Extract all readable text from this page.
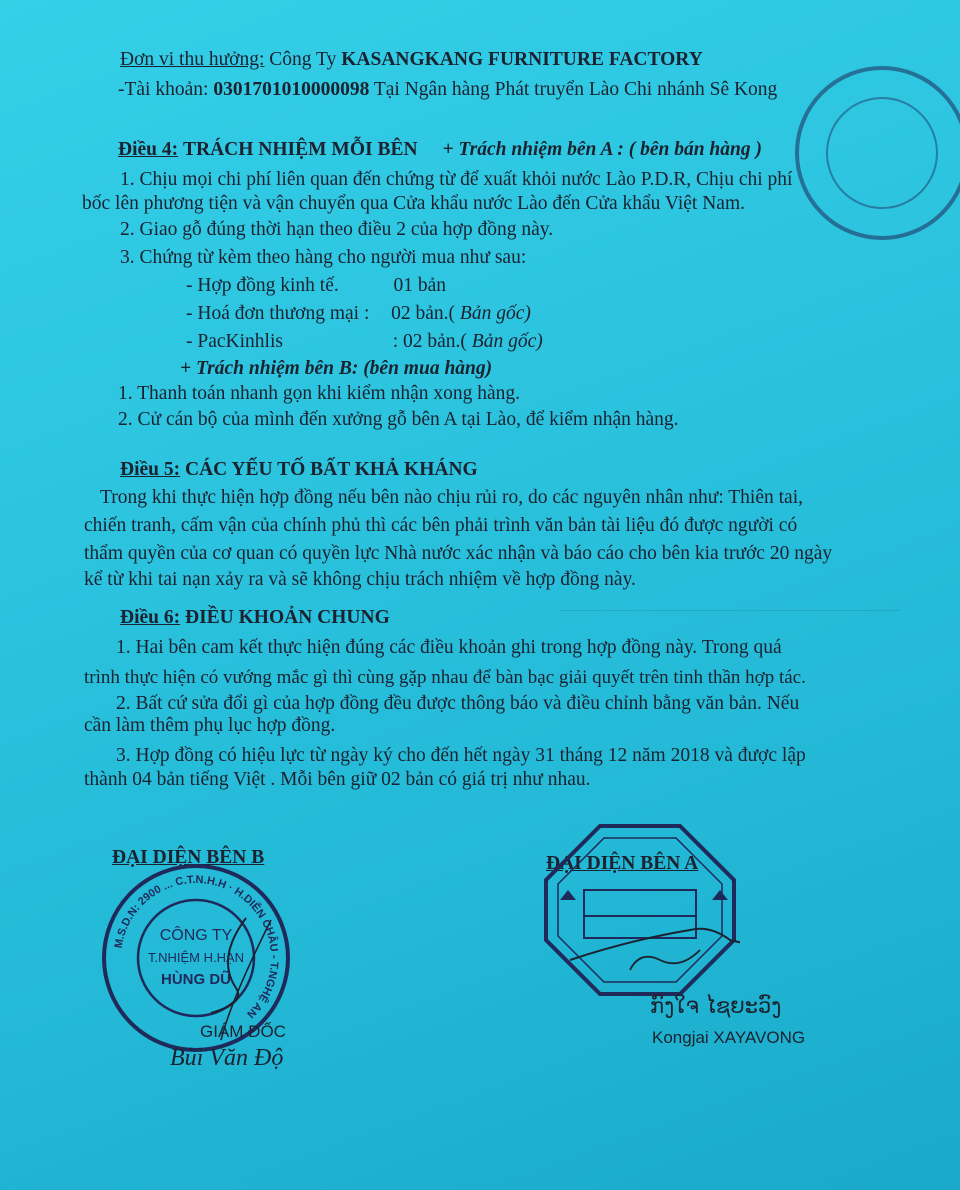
Đơn vi thu hưởng: Công Ty KASANGKANG FURNITURE FACTORY
-Tài khoản: 0301701010000098 Tại Ngân hàng Phát truyển Lào Chi nhánh Sê Kong
Điều 4: TRÁCH NHIỆM MỖI BÊN + Trách nhiệm bên A : ( bên bán hàng )
1. Chịu mọi chi phí liên quan đến chứng từ để xuất khỏi nước Lào P.D.R, Chịu chi phí
bốc lên phương tiện và vận chuyển qua Cửa khẩu nước Lào đến Cửa khẩu Việt Nam.
2. Giao gỗ đúng thời hạn theo điều 2 của hợp đồng này.
3. Chứng từ kèm theo hàng cho người mua như sau:
- Hợp đồng kinh tế.	01 bản
- Hoá đơn thương mại : 02 bản.( Bản gốc)
- PacKinhlis	: 02 bản.( Bản gốc)
+ Trách nhiệm bên B: (bên mua hàng)
1. Thanh toán nhanh gọn khi kiểm nhận xong hàng.
2. Cử cán bộ của mình đến xưởng gỗ bên A tại Lào, để kiểm nhận hàng.
Điều 5: CÁC YẾU TỐ BẤT KHẢ KHÁNG
Trong khi thực hiện hợp đồng nếu bên nào chịu rủi ro, do các nguyên nhân như: Thiên tai,
chiến tranh, cấm vận của chính phủ thì các bên phải trình văn bản tài liệu đó được người có
thẩm quyền của cơ quan có quyền lực Nhà nước xác nhận và báo cáo cho bên kia trước 20 ngày
kể từ khi tai nạn xảy ra và sẽ không chịu trách nhiệm về hợp đồng này.
Điều 6: ĐIỀU KHOẢN CHUNG
1. Hai bên cam kết thực hiện đúng các điều khoản ghi trong hợp đồng này. Trong quá
trình thực hiện có vướng mắc gì thì cùng gặp nhau để bàn bạc giải quyết trên tinh thần hợp tác.
2. Bất cứ sửa đổi gì của hợp đồng đều được thông báo và điều chỉnh bằng văn bản. Nếu
cần làm thêm phụ lục hợp đồng.
3. Hợp đồng có hiệu lực từ ngày ký cho đến hết ngày 31 tháng 12 năm 2018 và được lập
thành 04 bản tiếng Việt . Mỗi bên giữ 02 bản có giá trị như nhau.
ĐẠI DIỆN BÊN B	ĐẠI DIỆN BÊN A
M.S.D.N: 2900 ... C.T.N.H.H · H.DIỄN CHÂU - T.NGHỆ AN
CÔNG TY
T.NHIỆM H.HẠN
HÙNG DŨ
GIÁM ĐỐC
Bùi Văn Độ
ກົງໃຈ ໄຊຍະວົງ
Kongjai XAYAVONG
